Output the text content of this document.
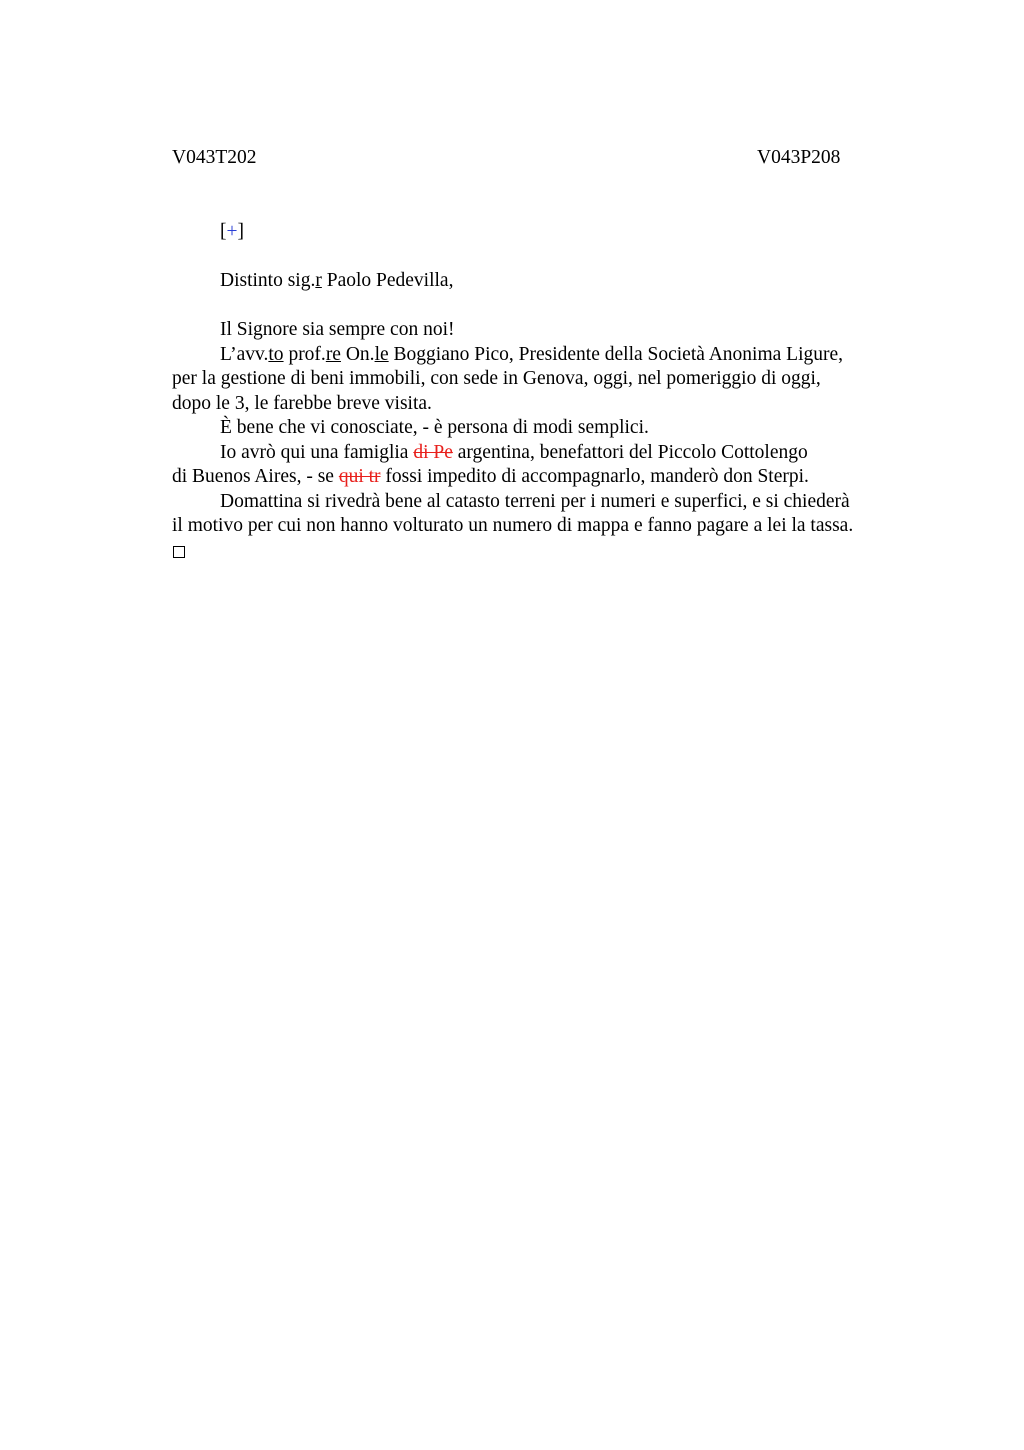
V043T202	V043P208
[+]
Distinto sig.r Paolo Pedevilla,
Il Signore sia sempre con noi!
L’avv.to prof.re On.le Boggiano Pico, Presidente della Società Anonima Ligure,
per la gestione di beni immobili, con sede in Genova, oggi, nel pomeriggio di oggi,
dopo le 3, le farebbe breve visita.
È bene che vi conosciate, - è persona di modi semplici.
Io avrò qui una famiglia di Pe argentina, benefattori del Piccolo Cottolengo
di Buenos Aires, - se qui tr fossi impedito di accompagnarlo, manderò don Sterpi.
Domattina si rivedrà bene al catasto terreni per i numeri e superfici, e si chiederà
il motivo per cui non hanno volturato un numero di mappa e fanno pagare a lei la tassa.
